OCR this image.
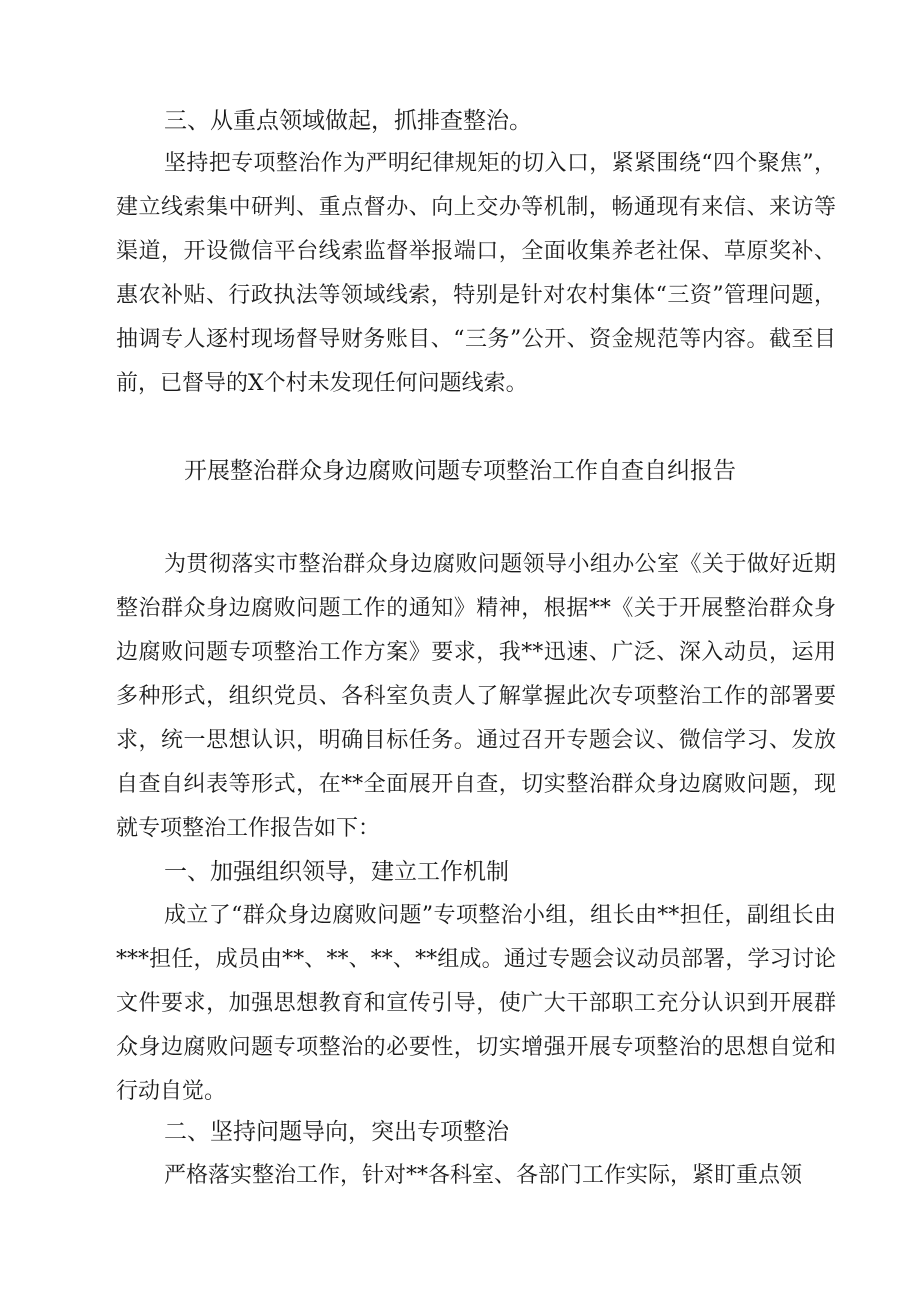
三、从重点领域做起，抓排查整治。

坚持把专项整治作为严明纪律规矩的切入口，紧紧围绕“四个聚焦”，建立线索集中研判、重点督办、向上交办等机制，畅通现有来信、来访等渠道，开设微信平台线索监督举报端口，全面收集养老社保、草原奖补、惠农补贴、行政执法等领域线索，特别是针对农村集体“三资”管理问题，抽调专人逐村现场督导财务账目、“三务”公开、资金规范等内容。截至目前，已督导的X个村未发现任何问题线索。

开展整治群众身边腐败问题专项整治工作自查自纠报告

为贯彻落实市整治群众身边腐败问题领导小组办公室《关于做好近期整治群众身边腐败问题工作的通知》精神，根据**《关于开展整治群众身边腐败问题专项整治工作方案》要求，我**迅速、广泛、深入动员，运用多种形式，组织党员、各科室负责人了解掌握此次专项整治工作的部署要求，统一思想认识，明确目标任务。通过召开专题会议、微信学习、发放自查自纠表等形式，在**全面展开自查，切实整治群众身边腐败问题，现就专项整治工作报告如下：

一、加强组织领导，建立工作机制

成立了“群众身边腐败问题”专项整治小组，组长由**担任，副组长由***担任，成员由**、**、**、**组成。通过专题会议动员部署，学习讨论文件要求，加强思想教育和宣传引导，使广大干部职工充分认识到开展群众身边腐败问题专项整治的必要性，切实增强开展专项整治的思想自觉和行动自觉。

二、坚持问题导向，突出专项整治

严格落实整治工作，针对**各科室、各部门工作实际，紧盯重点领
